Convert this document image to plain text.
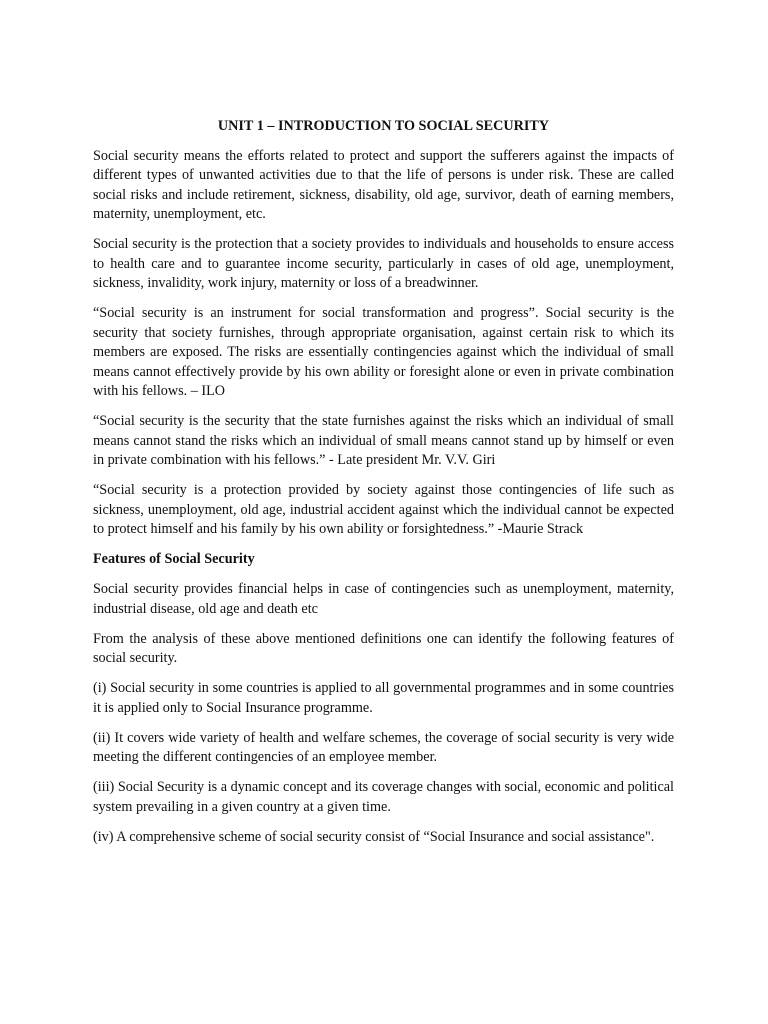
UNIT 1 – INTRODUCTION TO SOCIAL SECURITY

Social security means the efforts related to protect and support the sufferers against the impacts of different types of unwanted activities due to that the life of persons is under risk. These are called social risks and include retirement, sickness, disability, old age, survivor, death of earning members, maternity, unemployment, etc.

Social security is the protection that a society provides to individuals and households to ensure access to health care and to guarantee income security, particularly in cases of old age, unemployment, sickness, invalidity, work injury, maternity or loss of a breadwinner.

“Social security is an instrument for social transformation and progress”. Social security is the security that society furnishes, through appropriate organisation, against certain risk to which its members are exposed. The risks are essentially contingencies against which the individual of small means cannot effectively provide by his own ability or foresight alone or even in private combination with his fellows. – ILO

“Social security is the security that the state furnishes against the risks which an individual of small means cannot stand the risks which an individual of small means cannot stand up by himself or even in private combination with his fellows.” - Late president Mr. V.V. Giri

“Social security is a protection provided by society against those contingencies of life such as sickness, unemployment, old age, industrial accident against which the individual cannot be expected to protect himself and his family by his own ability or forsightedness.” -Maurie Strack

Features of Social Security

Social security provides financial helps in case of contingencies such as unemployment, maternity, industrial disease, old age and death etc

From the analysis of these above mentioned definitions one can identify the following features of social security.

(i) Social security in some countries is applied to all governmental programmes and in some countries it is applied only to Social Insurance programme.

(ii) It covers wide variety of health and welfare schemes, the coverage of social security is very wide meeting the different contingencies of an employee member.

(iii) Social Security is a dynamic concept and its coverage changes with social, economic and political system prevailing in a given country at a given time.

(iv) A comprehensive scheme of social security consist of “Social Insurance and social assistance".
